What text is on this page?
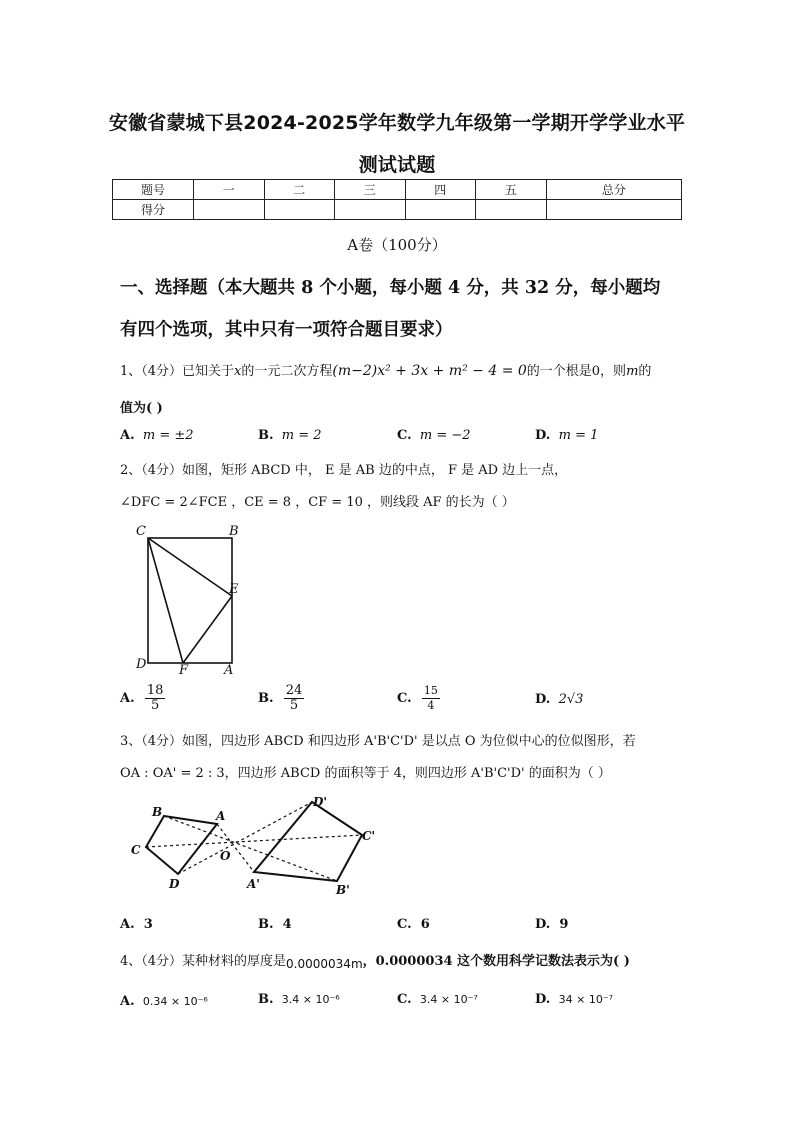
安徽省蒙城下县2024-2025学年数学九年级第一学期开学学业水平
测试试题
题号	一	二	三	四	五	总分
得分						
A卷（100分）
一、选择题（本大题共 8 个小题，每小题 4 分，共 32 分，每小题均
有四个选项，其中只有一项符合题目要求）
1、（4分）已知关于x的一元二次方程(m−2)x² + 3x + m² − 4 = 0的一个根是0，则m的
值为( )
A. m = ±2	B. m = 2	C. m = −2	D. m = 1
2、（4分）如图，矩形 ABCD 中， E 是 AB 边的中点， F 是 AD 边上一点，
∠DFC = 2∠FCE ，CE = 8 ，CF = 10 ，则线段 AF 的长为（ ）
C	B
E
D	F	A
A. $\frac{18}{5}$	B. $\frac{24}{5}$	C. $\frac{15}{4}$	D. 2√3
3、（4分）如图，四边形 ABCD 和四边形 A'B'C'D' 是以点 O 为位似中心的位似图形，若
OA : OA' = 2 : 3，四边形 ABCD 的面积等于 4，则四边形 A'B'C'D' 的面积为（ ）
B	A
C
D
O
D'
C'
A'	B'
A. 3	B. 4	C. 6	D. 9
4、（4分）某种材料的厚度是0.0000034m，0.0000034 这个数用科学记数法表示为( )
A. 0.34 × 10⁻⁶	B. 3.4 × 10⁻⁶	C. 3.4 × 10⁻⁷	D. 34 × 10⁻⁷
